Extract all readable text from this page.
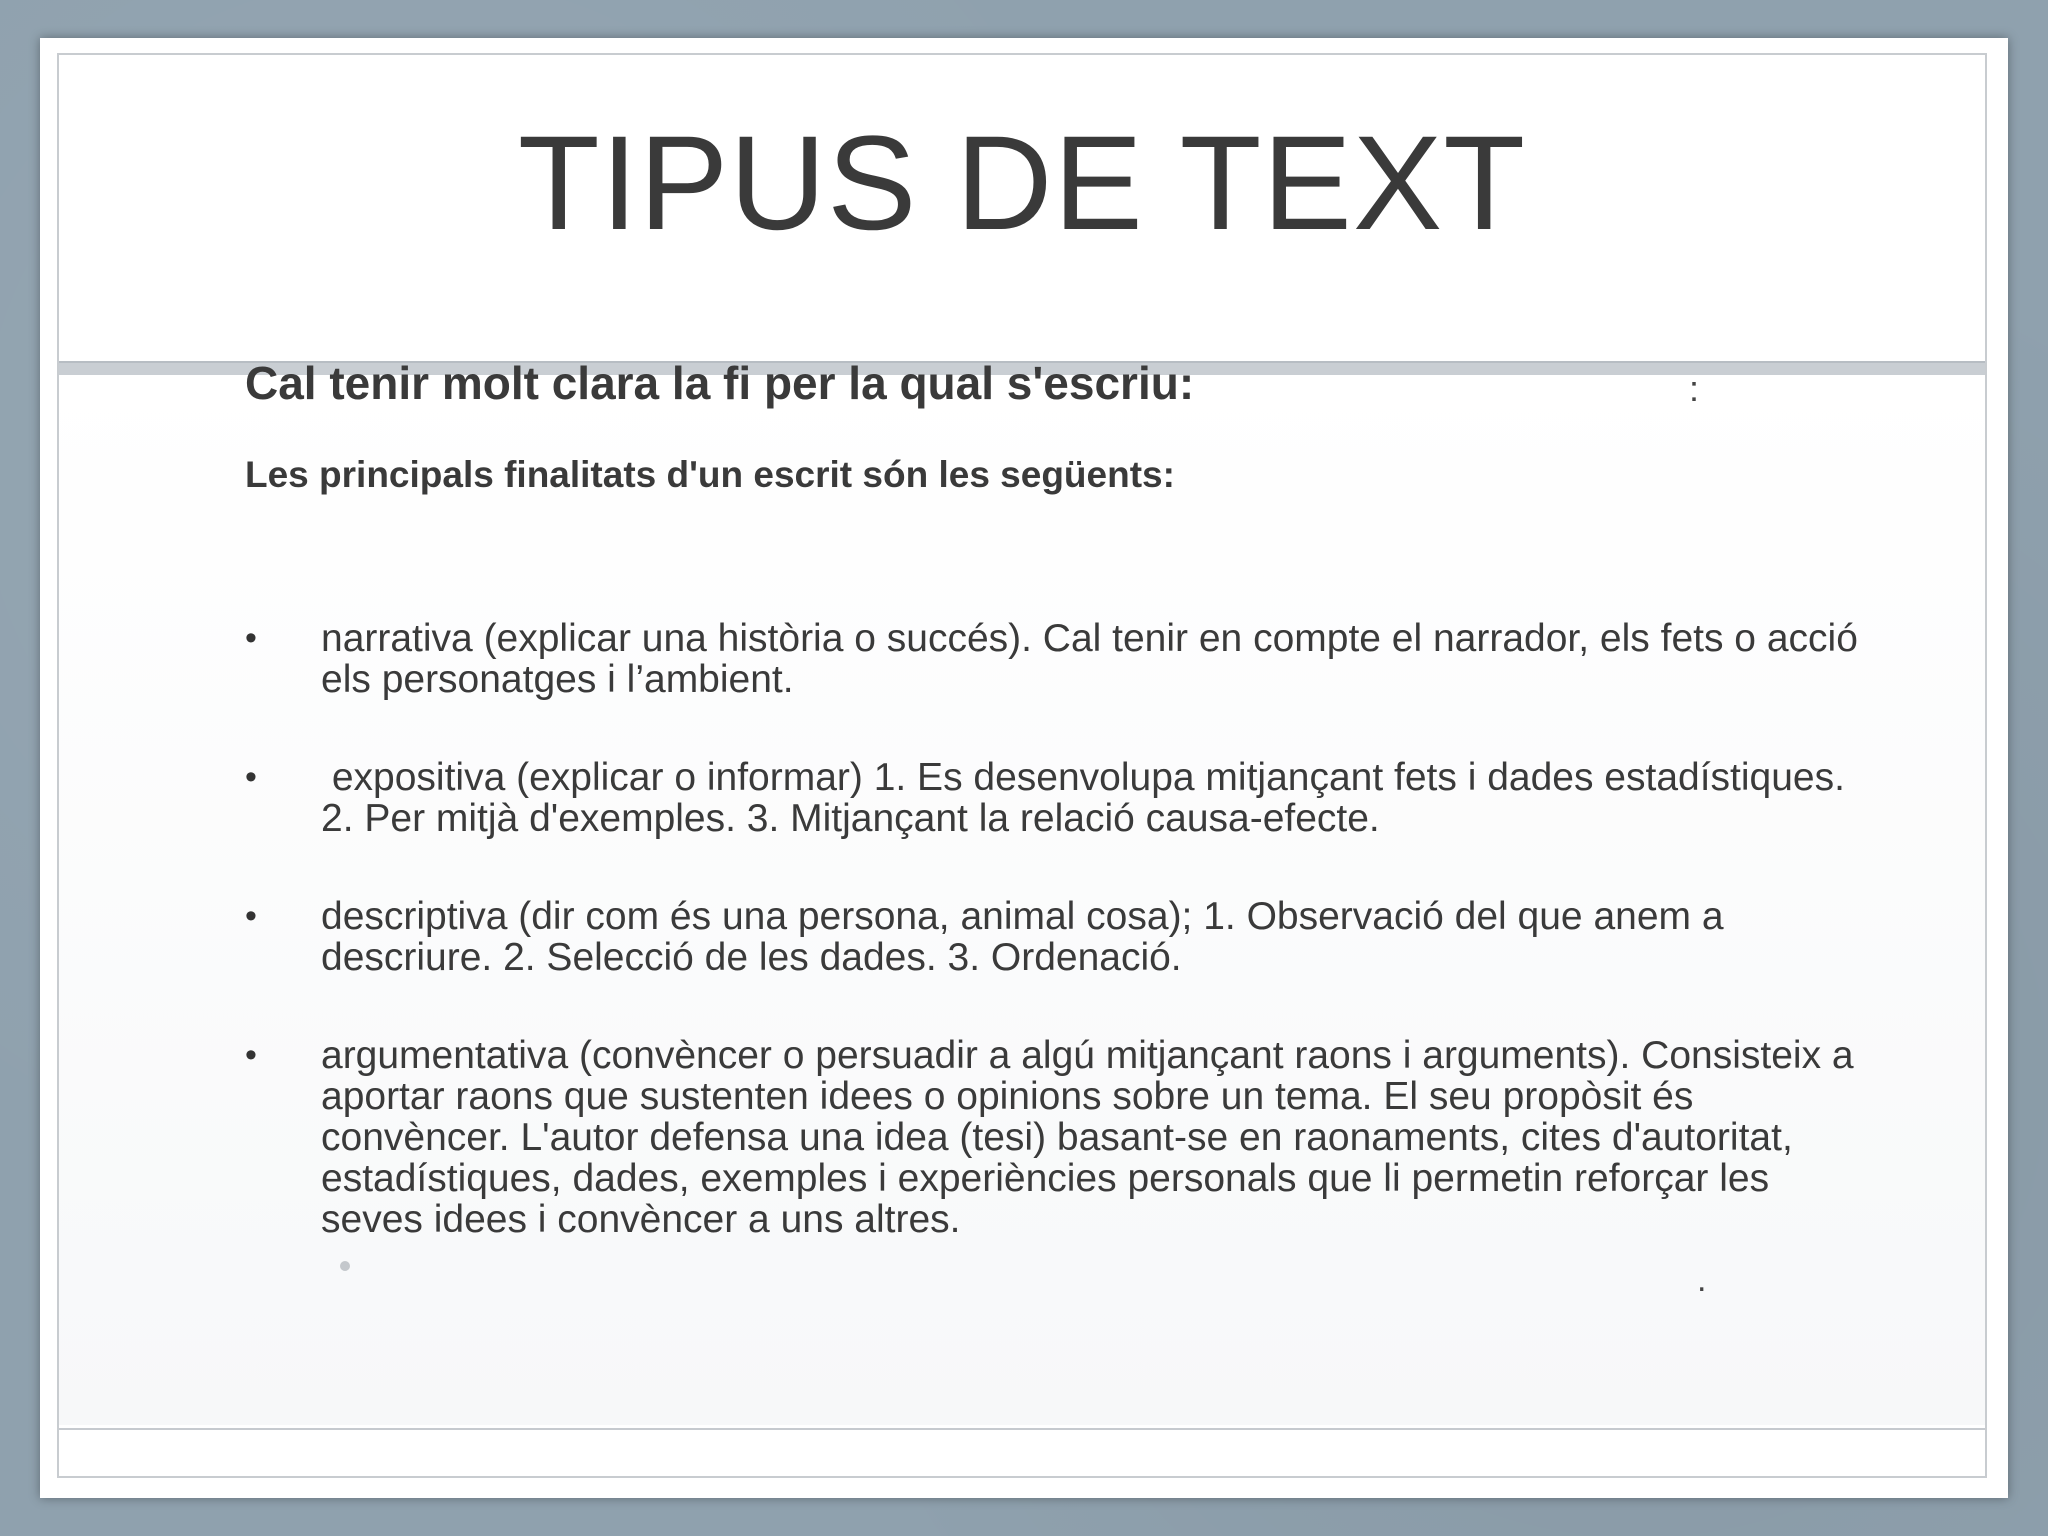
TIPUS DE TEXT

Cal tenir molt clara la fi per la qual s'escriu:	:

Les principals finalitats d'un escrit són les següents:

• narrativa (explicar una història o succés). Cal tenir en compte el narrador, els fets o acció els personatges i l’ambient.
• expositiva (explicar o informar) 1. Es desenvolupa mitjançant fets i dades estadístiques. 2. Per mitjà d'exemples. 3. Mitjançant la relació causa-efecte.
• descriptiva (dir com és una persona, animal cosa); 1. Observació del que anem a descriure. 2. Selecció de les dades. 3. Ordenació.
• argumentativa (convèncer o persuadir a algú mitjançant raons i arguments). Consisteix a aportar raons que sustenten idees o opinions sobre un tema. El seu propòsit és convèncer. L'autor defensa una idea (tesi) basant-se en raonaments, cites d'autoritat, estadístiques, dades, exemples i experiències personals que li permetin reforçar les seves idees i convèncer a uns altres.
.
